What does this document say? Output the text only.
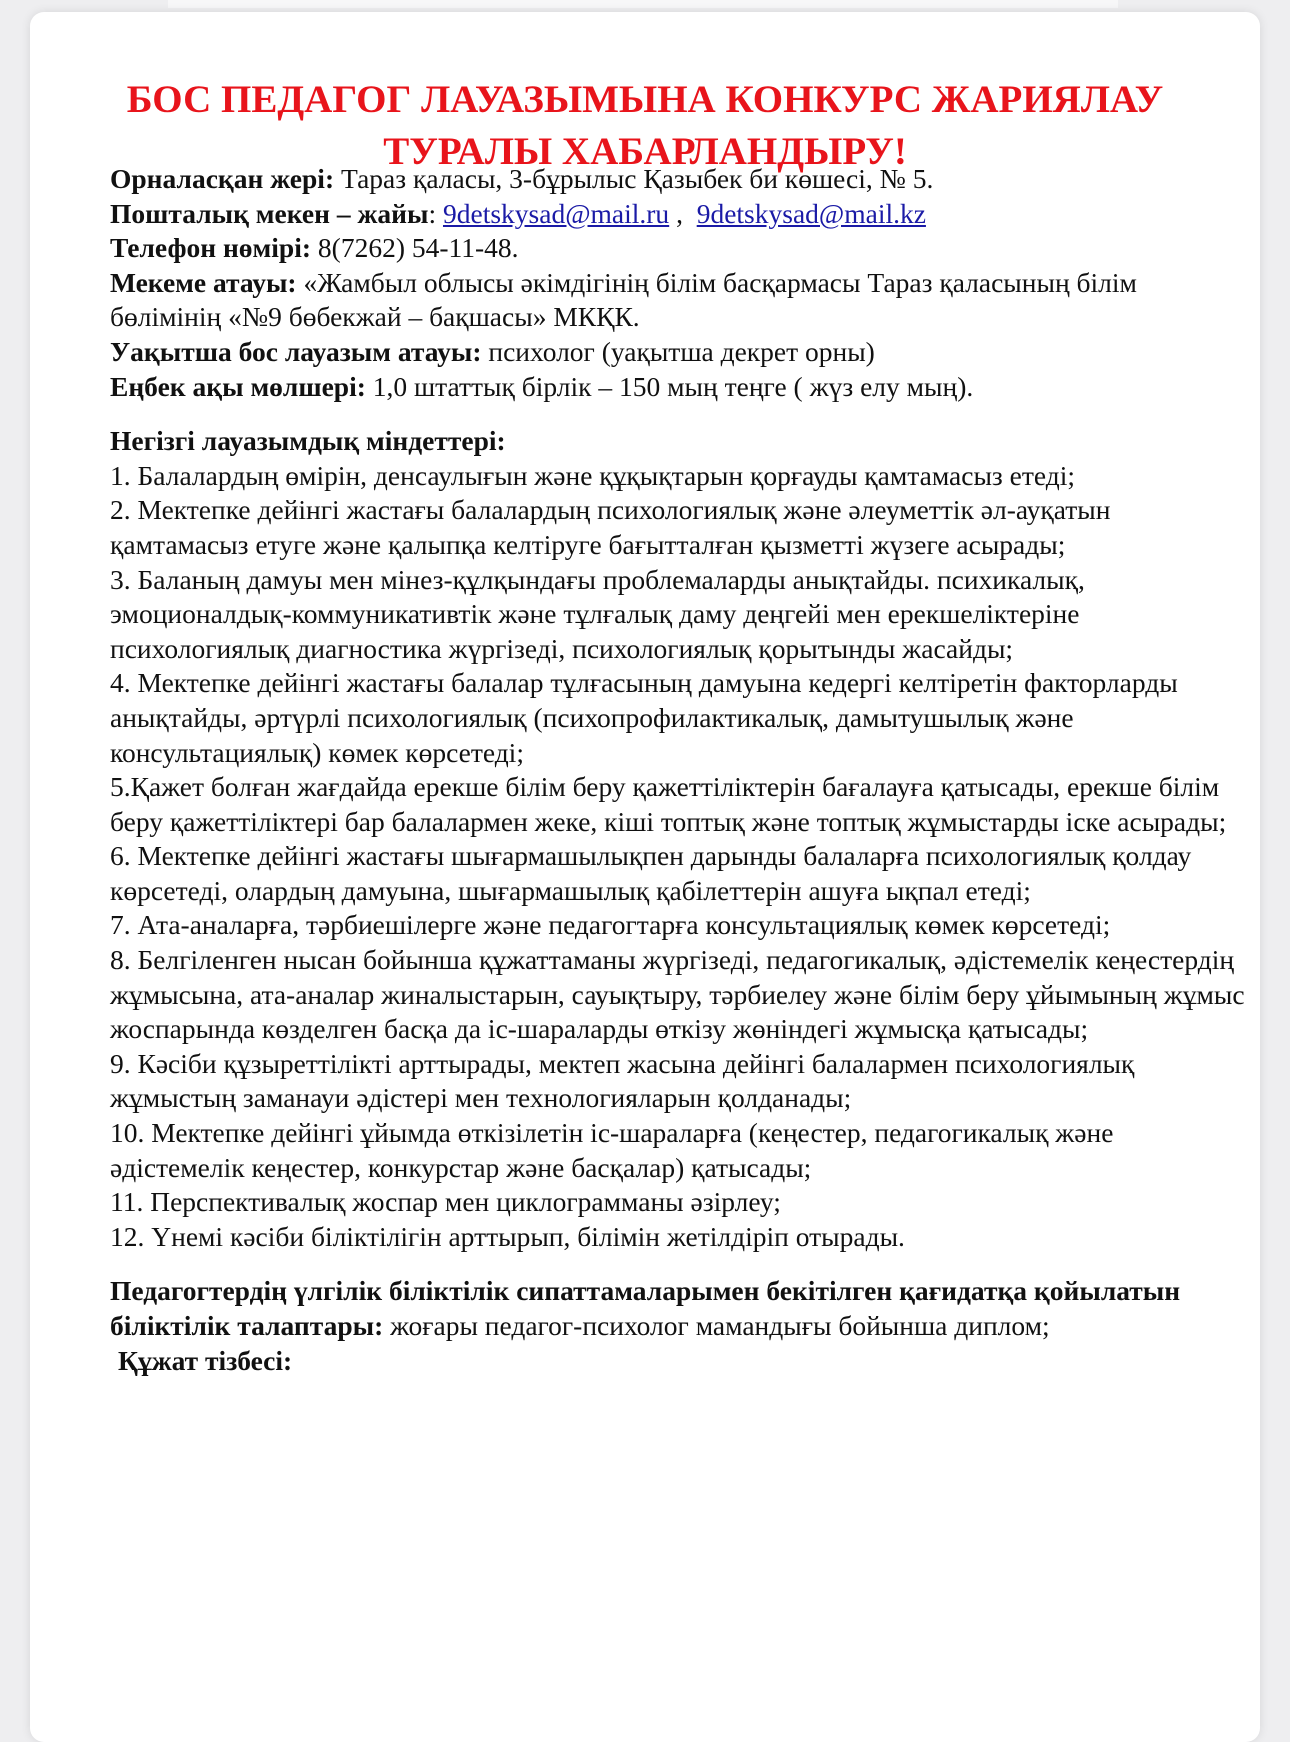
БОС ПЕДАГОГ ЛАУАЗЫМЫНА КОНКУРС ЖАРИЯЛАУ
ТУРАЛЫ ХАБАРЛАНДЫРУ!

Орналасқан жері: Тараз қаласы, 3-бұрылыс Қазыбек би көшесі, № 5.

Пошталық мекен – жайы: 9detskysad@mail.ru ,  9detskysad@mail.kz

Телефон нөмірі: 8(7262) 54-11-48.

Мекеме атауы: «Жамбыл облысы әкімдігінің білім басқармасы Тараз қаласының білім бөлімінің «№9 бөбекжай – бақшасы» МКҚК.

Уақытша бос лауазым атауы: психолог (уақытша декрет орны)

Еңбек ақы мөлшері: 1,0 штаттық бірлік – 150 мың теңге ( жүз елу мың).

Негізгі лауазымдық міндеттері:

1. Балалардың өмірін, денсаулығын және құқықтарын қорғауды қамтамасыз етеді;

2. Мектепке дейінгі жастағы балалардың психологиялық және әлеуметтік әл-ауқатын қамтамасыз етуге және қалыпқа келтіруге бағытталған қызметті жүзеге асырады;

3. Баланың дамуы мен мінез-құлқындағы проблемаларды анықтайды. психикалық, эмоционалдық-коммуникативтік және тұлғалық даму деңгейі мен ерекшеліктеріне психологиялық диагностика жүргізеді, психологиялық қорытынды жасайды;

4. Мектепке дейінгі жастағы балалар тұлғасының дамуына кедергі келтіретін факторларды анықтайды, әртүрлі психологиялық (психопрофилактикалық, дамытушылық және консультациялық) көмек көрсетеді;

5.Қажет болған жағдайда ерекше білім беру қажеттіліктерін бағалауға қатысады, ерекше білім беру қажеттіліктері бар балалармен жеке, кіші топтық және топтық жұмыстарды іске асырады;

6. Мектепке дейінгі жастағы шығармашылықпен дарынды балаларға психологиялық қолдау көрсетеді, олардың дамуына, шығармашылық қабілеттерін ашуға ықпал етеді;

7. Ата-аналарға, тәрбиешілерге және педагогтарға консультациялық көмек көрсетеді;

8. Белгіленген нысан бойынша құжаттаманы жүргізеді, педагогикалық, әдістемелік кеңестердің жұмысына, ата-аналар жиналыстарын, сауықтыру, тәрбиелеу және білім беру ұйымының жұмыс жоспарында көзделген басқа да іс-шараларды өткізу жөніндегі жұмысқа қатысады;

9. Кәсіби құзыреттілікті арттырады, мектеп жасына дейінгі балалармен психологиялық жұмыстың заманауи әдістері мен технологияларын қолданады;

10. Мектепке дейінгі ұйымда өткізілетін іс-шараларға (кеңестер, педагогикалық және әдістемелік кеңестер, конкурстар және басқалар) қатысады;

11. Перспективалық жоспар мен циклограмманы әзірлеу;

12. Үнемі кәсіби біліктілігін арттырып, білімін жетілдіріп отырады.

Педагогтердің үлгілік біліктілік сипаттамаларымен бекітілген қағидатқа қойылатын біліктілік талаптары: жоғары педагог-психолог мамандығы бойынша диплом;

Құжат тізбесі:
